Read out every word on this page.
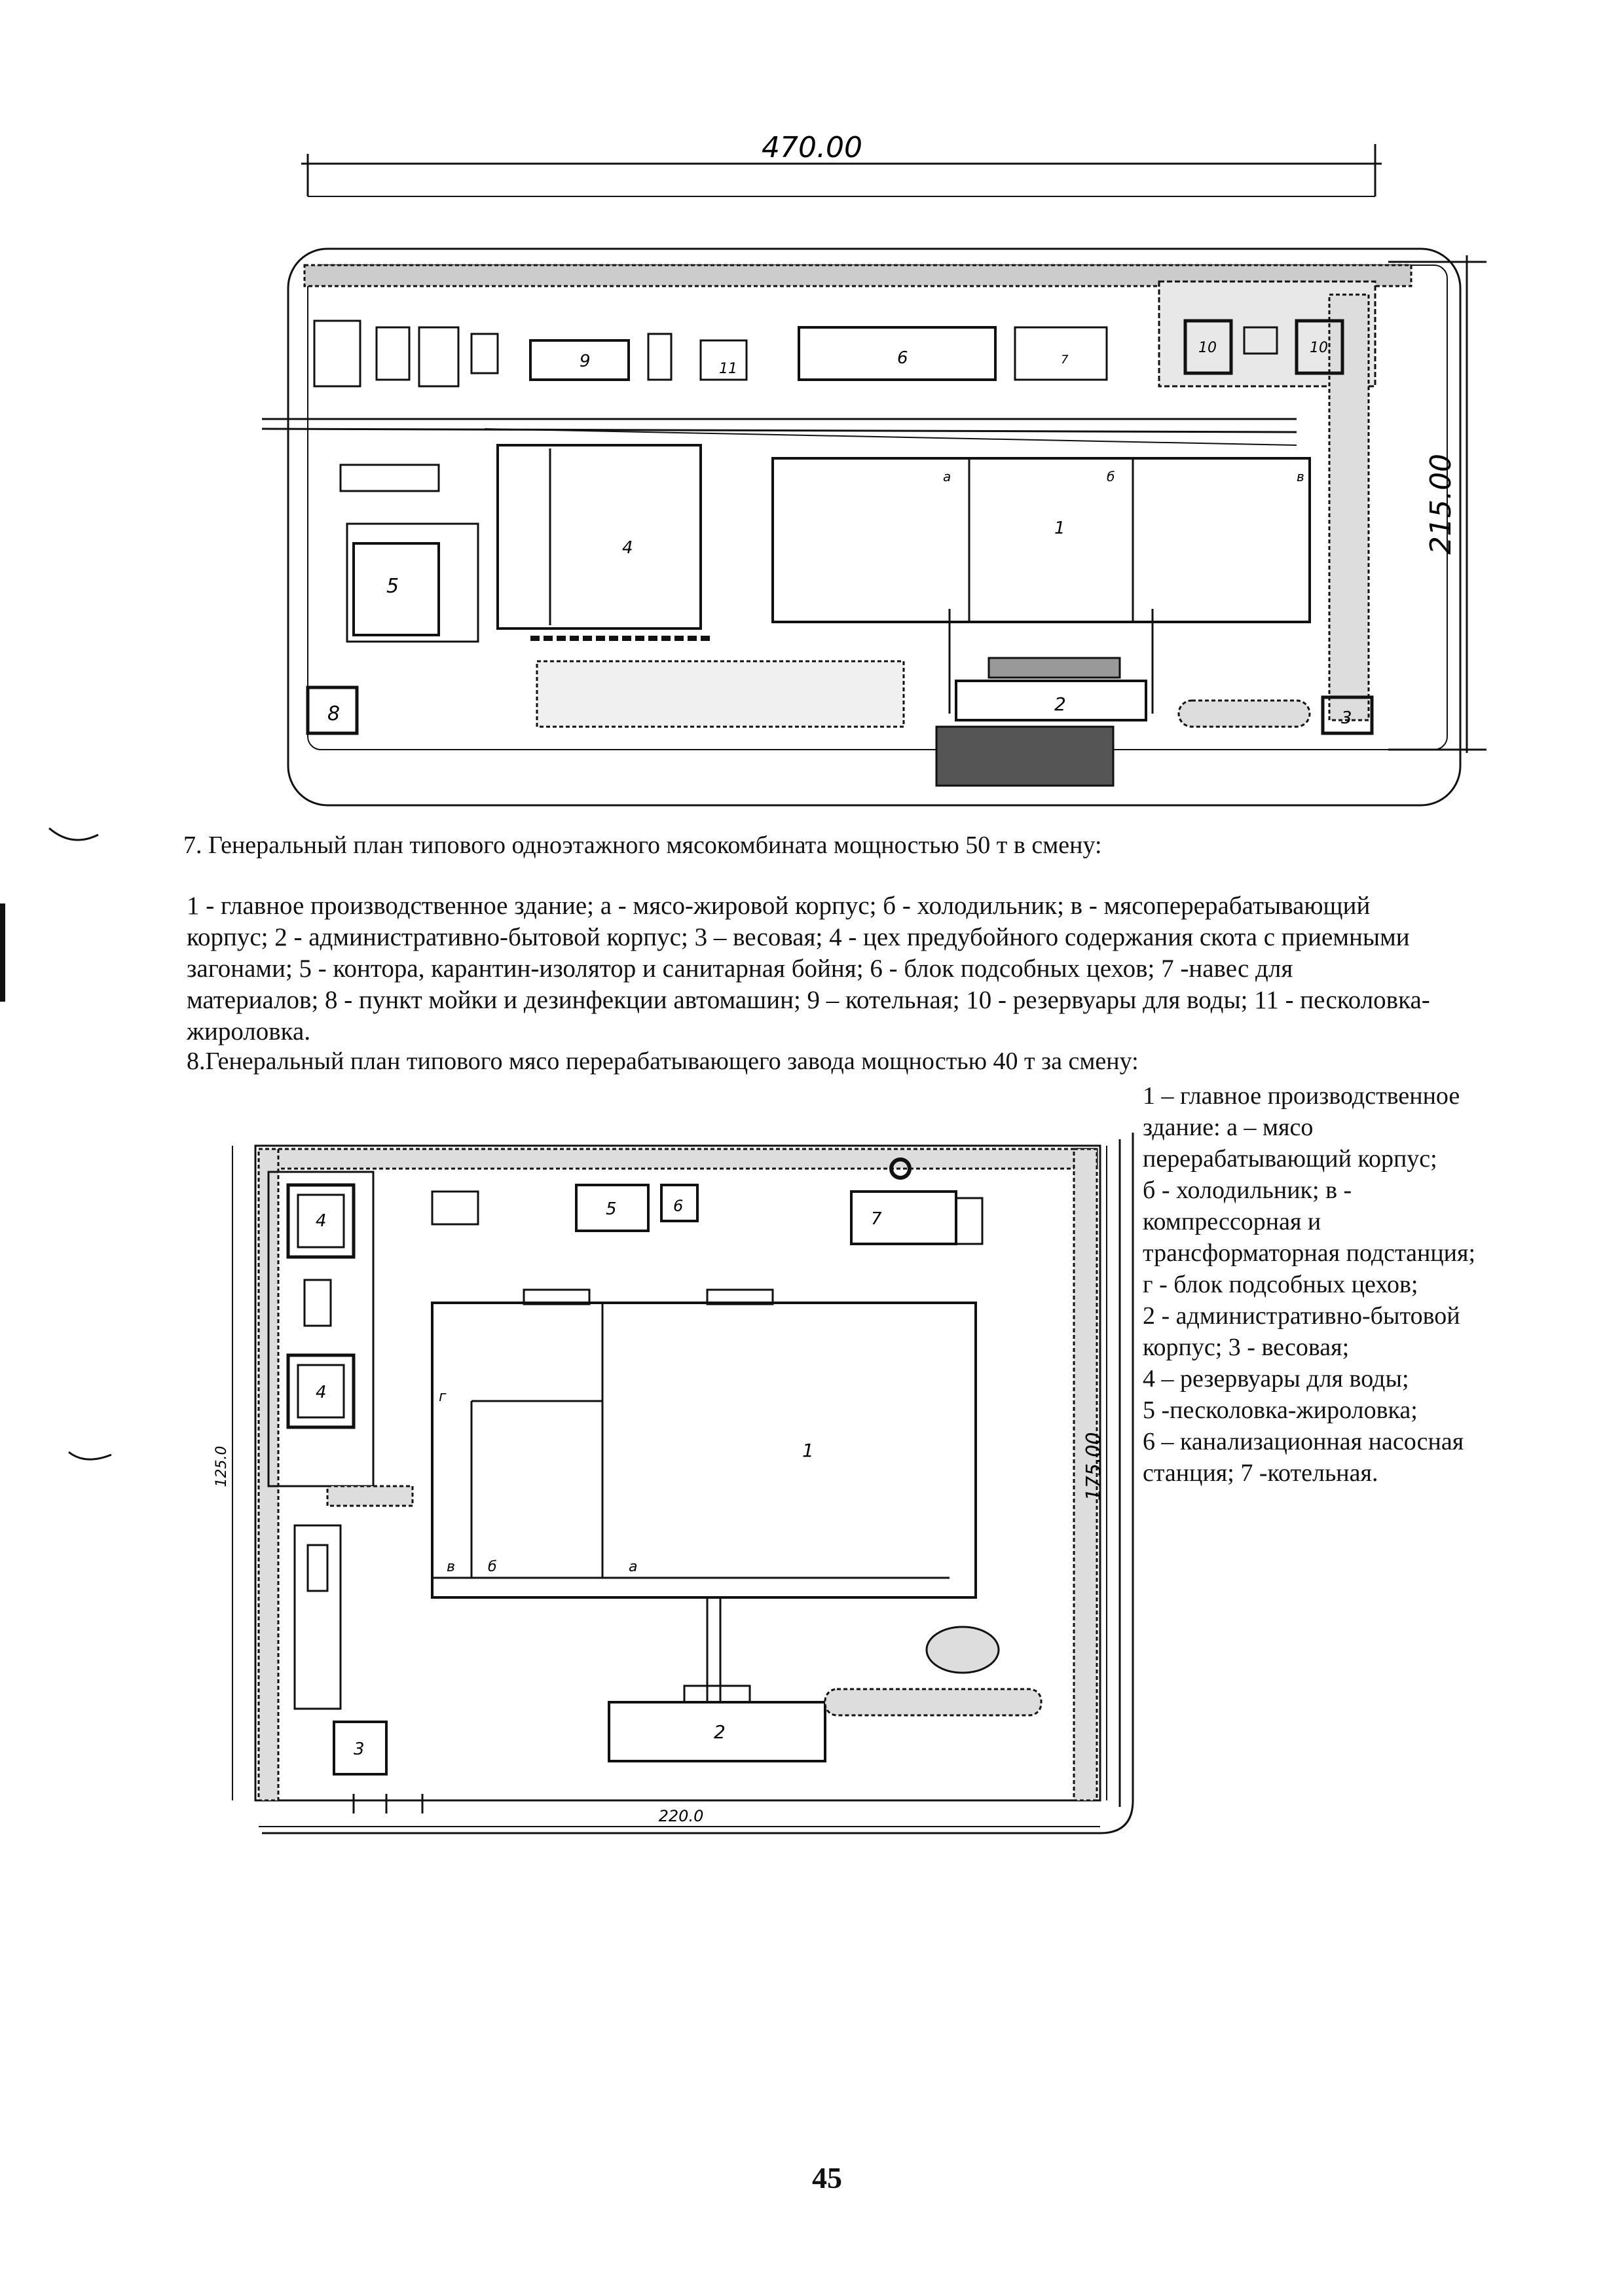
470.00
215.00
9	11
6	7
10	10
4
5
1
a	б	в
2
8	3
7. Генеральный план типового одноэтажного мясокомбината мощностью 50 т в смену:
1 - главное производственное здание; а - мясо-жировой корпус; б - холодильник; в - мясоперерабатывающий
корпус; 2 - административно-бытовой корпус; 3 – весовая; 4 - цех предубойного содержания скота с приемными
загонами; 5 - контора, карантин-изолятор и санитарная бойня; 6 - блок подсобных цехов; 7 -навес для
материалов; 8 - пункт мойки и дезинфекции автомашин; 9 – котельная; 10 - резервуары для воды; 11 - песколовка-
жироловка.
8.Генеральный план типового мясо перерабатывающего завода мощностью 40 т за смену:
220.0
125.0	175.00
4
4
5	6
7
1
г
в б	a
2
3
1 – главное производственное
здание: а – мясо
перерабатывающий корпус;
б - холодильник; в -
компрессорная и
трансформаторная подстанция;
г - блок подсобных цехов;
2 - административно-бытовой
корпус; 3 - весовая;
4 – резервуары для воды;
5 -песколовка-жироловка;
6 – канализационная насосная
станция; 7 -котельная.
45
